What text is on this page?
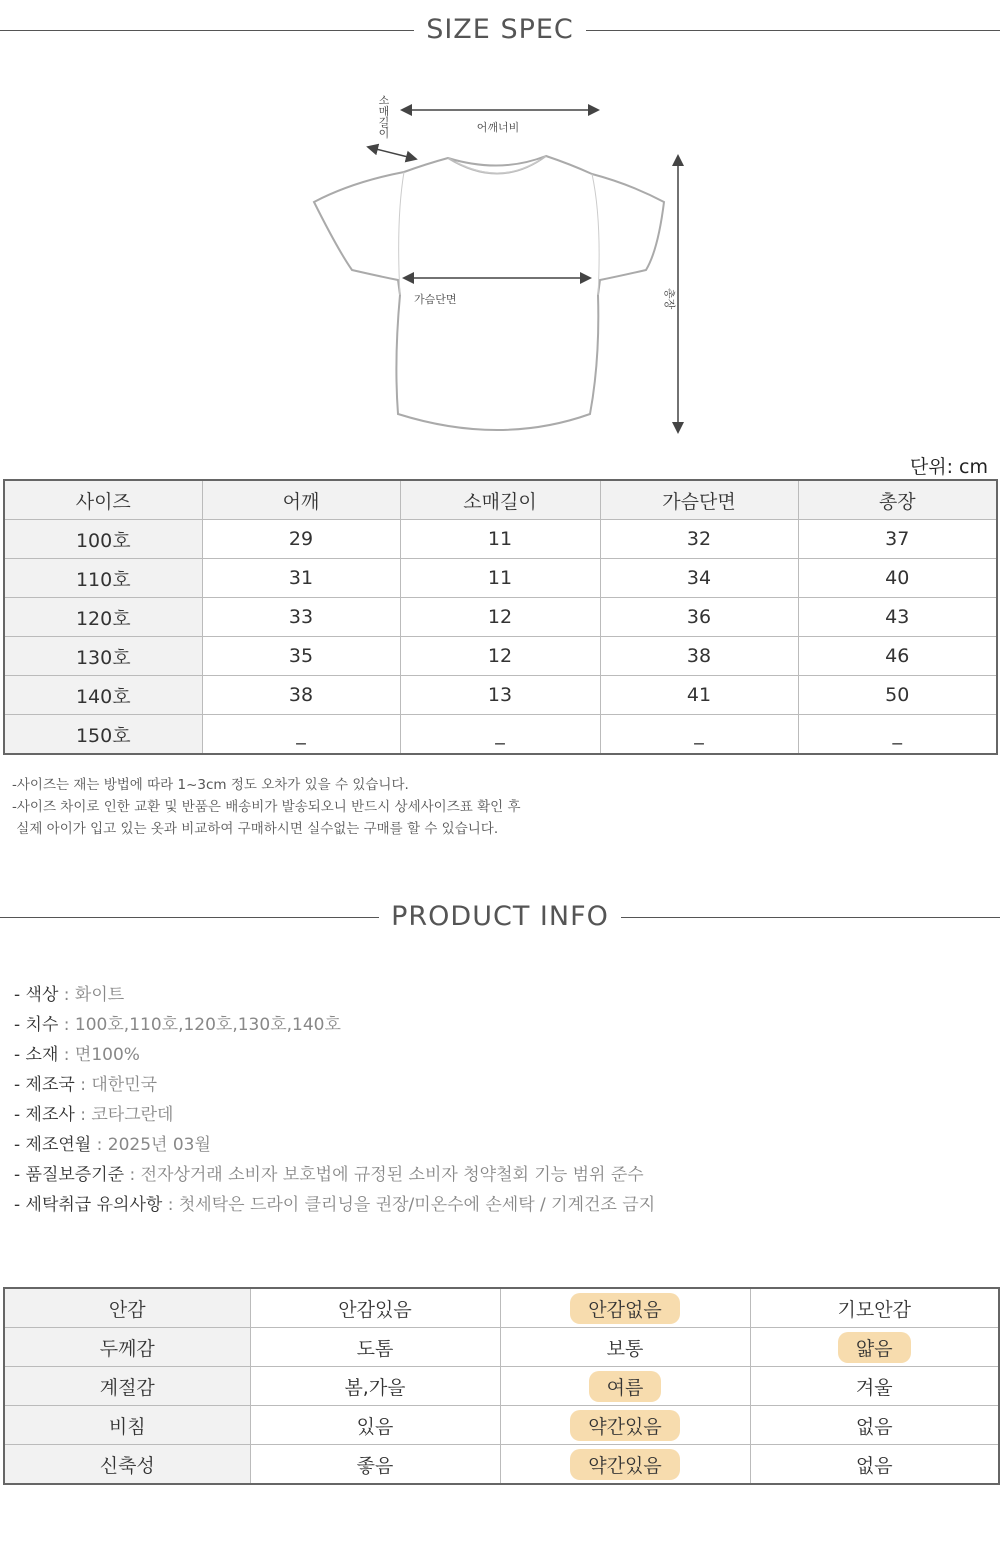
SIZE SPEC
어깨너비
가슴단면
소 매 길 이
총장
단위: cm
사이즈	어깨	소매길이	가슴단면	총장
100호	29	11	32	37
110호	31	11	34	40
120호	33	12	36	43
130호	35	12	38	46
140호	38	13	41	50
150호	_	_	_	_
-사이즈는 재는 방법에 따라 1~3cm 정도 오차가 있을 수 있습니다.
-사이즈 차이로 인한 교환 및 반품은 배송비가 발송되오니 반드시 상세사이즈표 확인 후
실제 아이가 입고 있는 옷과 비교하여 구매하시면 실수없는 구매를 할 수 있습니다.
PRODUCT INFO
- 색상 : 화이트
- 치수 : 100호,110호,120호,130호,140호
- 소재 : 면100%
- 제조국 : 대한민국
- 제조사 : 코타그란데
- 제조연월 : 2025년 03월
- 품질보증기준 : 전자상거래 소비자 보호법에 규정된 소비자 청약철회 기능 범위 준수
- 세탁취급 유의사항 : 첫세탁은 드라이 클리닝을 권장/미온수에 손세탁 / 기계건조 금지
안감	안감있음	안감없음	기모안감
두께감	도톰	보통	얇음
계절감	봄,가을	여름	겨울
비침	있음	약간있음	없음
신축성	좋음	약간있음	없음
